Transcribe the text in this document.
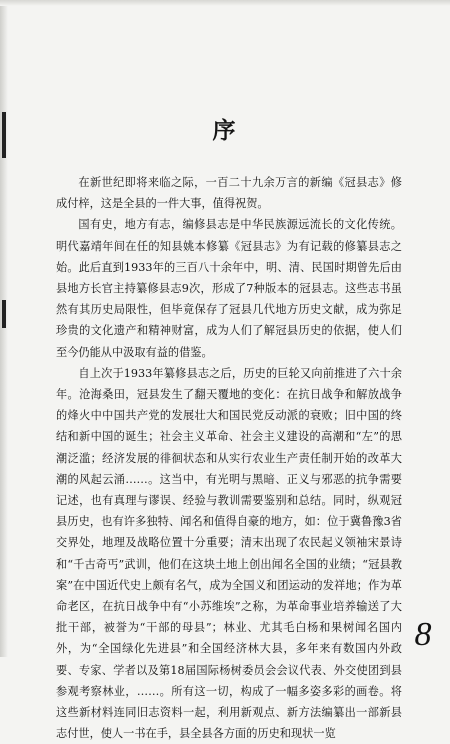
序

在新世纪即将来临之际，一百二十九余万言的新编《冠县志》修成付梓，这是全县的一件大事，值得祝贺。

国有史，地方有志，编修县志是中华民族源远流长的文化传统。明代嘉靖年间在任的知县姚本修纂《冠县志》为有记载的修纂县志之始。此后直到1933年的三百八十余年中，明、清、民国时期曾先后由县地方长官主持纂修县志9次，形成了7种版本的冠县志。这些志书虽然有其历史局限性，但毕竟保存了冠县几代地方历史文献，成为弥足珍贵的文化遗产和精神财富，成为人们了解冠县历史的依据，使人们至今仍能从中汲取有益的借鉴。

自上次于1933年纂修县志之后，历史的巨轮又向前推进了六十余年。沧海桑田，冠县发生了翻天覆地的变化：在抗日战争和解放战争的烽火中中国共产党的发展壮大和国民党反动派的衰败；旧中国的终结和新中国的诞生；社会主义革命、社会主义建设的高潮和“左”的思潮泛滥；经济发展的徘徊状态和从实行农业生产责任制开始的改革大潮的风起云涌……。这当中，有光明与黑暗、正义与邪恶的抗争需要记述，也有真理与谬误、经验与教训需要鉴别和总结。同时，纵观冠县历史，也有许多独特、闻名和值得自豪的地方，如：位于冀鲁豫3省交界处，地理及战略位置十分重要；清末出现了农民起义领袖宋景诗和“千古奇丐”武训，他们在这块土地上创出闻名全国的业绩；“冠县教案”在中国近代史上颇有名气，成为全国义和团运动的发祥地；作为革命老区，在抗日战争中有“小苏维埃”之称，为革命事业培养输送了大批干部，被誉为“干部的母县”；林业、尤其毛白杨和果树闻名国内外，为“全国绿化先进县”和全国经济林大县，多年来有数国内外政要、专家、学者以及第18届国际杨树委员会会议代表、外交使团到县参观考察林业，……。所有这一切，构成了一幅多姿多彩的画卷。将这些新材料连同旧志资料一起，利用新观点、新方法编纂出一部新县志付世，使人一书在手，县全县各方面的历史和现状一览

8
